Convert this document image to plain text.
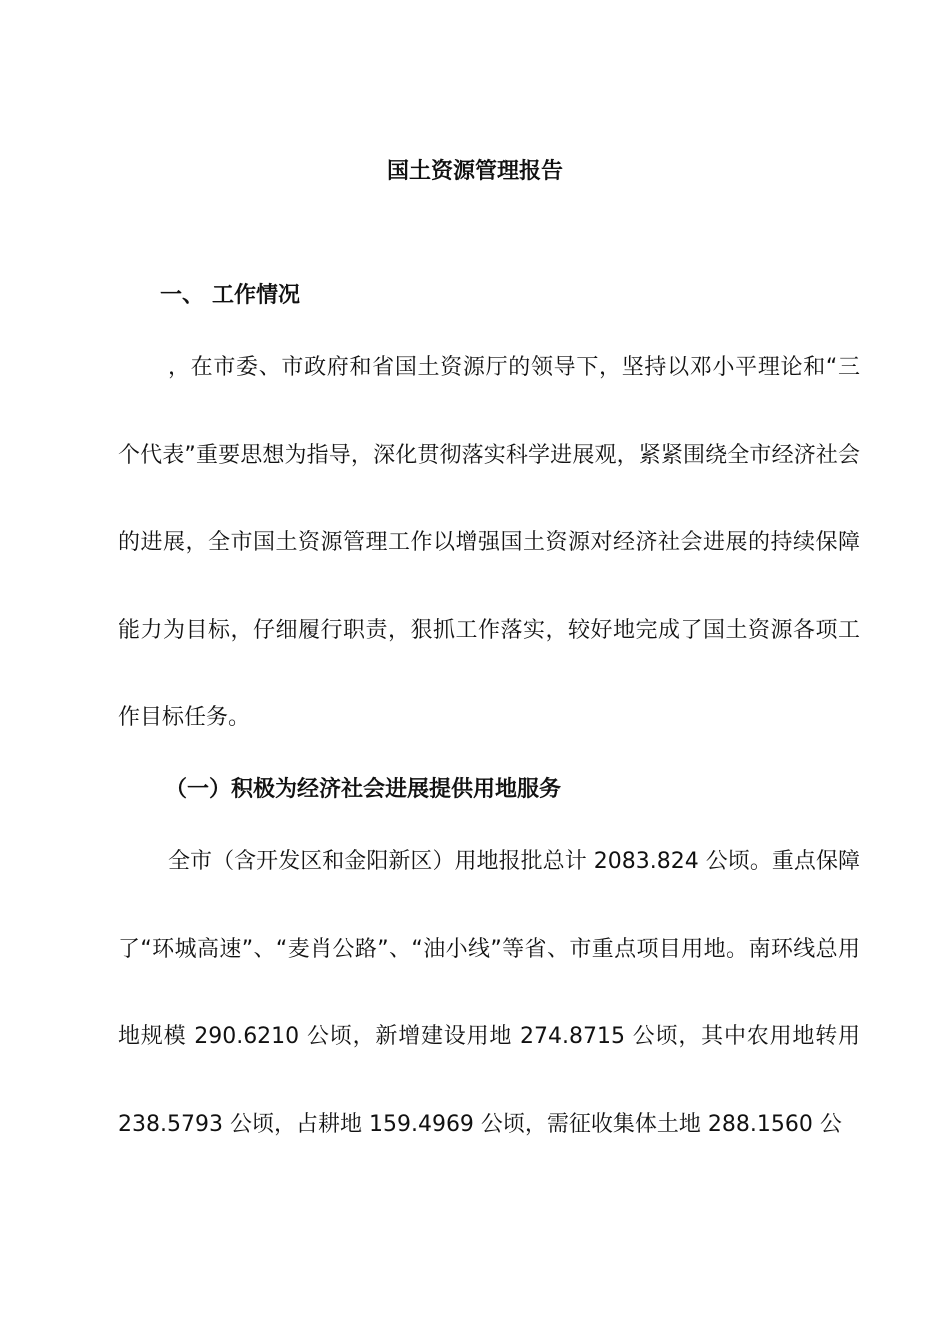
国土资源管理报告
一、 工作情况
，在市委、市政府和省国土资源厅的领导下，坚持以邓小平理论和“三个代表”重要思想为指导，深化贯彻落实科学进展观，紧紧围绕全市经济社会的进展，全市国土资源管理工作以增强国土资源对经济社会进展的持续保障能力为目标，仔细履行职责，狠抓工作落实，较好地完成了国土资源各项工作目标任务。
（一）积极为经济社会进展提供用地服务
全市（含开发区和金阳新区）用地报批总计 2083.824 公顷。重点保障了“环城高速”、“麦肖公路”、“油小线”等省、市重点项目用地。南环线总用地规模 290.6210 公顷，新增建设用地 274.8715 公顷，其中农用地转用 238.5793 公顷，占耕地 159.4969 公顷，需征收集体土地 288.1560 公
